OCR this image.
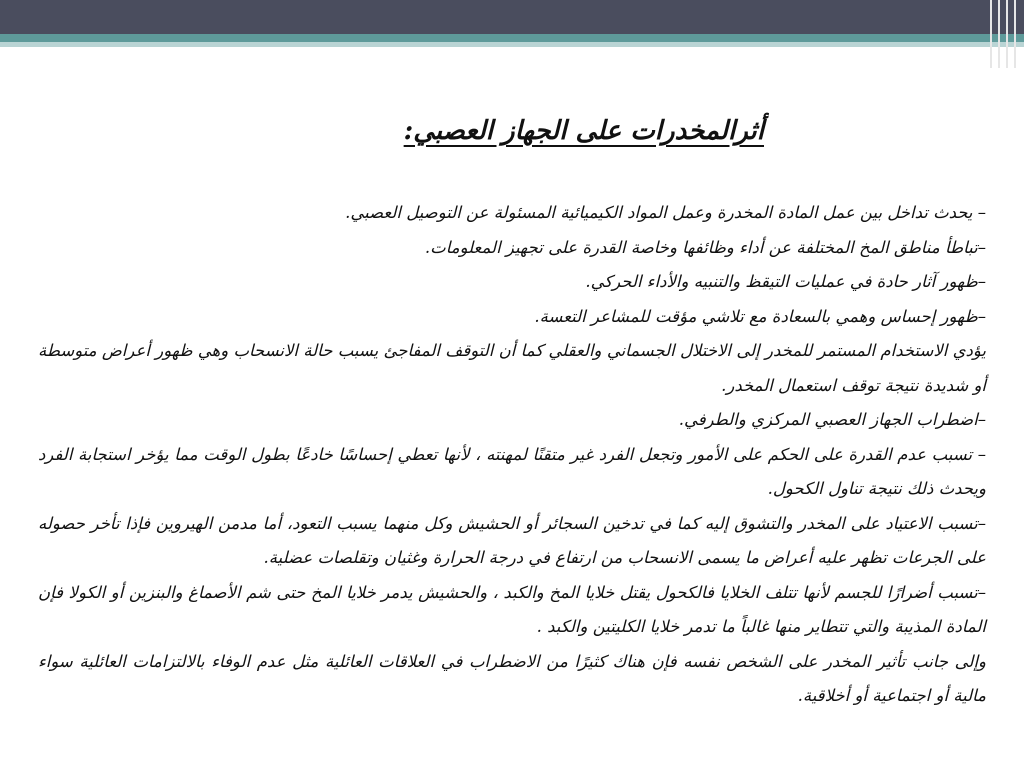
أثرالمخدرات على الجهاز العصبي:

– يحدث تداخل بين عمل المادة المخدرة وعمل المواد الكيميائية المسئولة عن التوصيل العصبي.

–تباطأ مناطق المخ المختلفة عن أداء وظائفها وخاصة القدرة على تجهيز المعلومات.

–ظهور آثار حادة في عمليات التيقظ والتنبيه والأداء الحركي.

–ظهور إحساس وهمي بالسعادة مع تلاشي مؤقت للمشاعر التعسة.

يؤدي الاستخدام المستمر للمخدر إلى الاختلال الجسماني والعقلي كما أن التوقف المفاجئ يسبب حالة الانسحاب وهي ظهور أعراض متوسطة أو شديدة نتيجة توقف استعمال المخدر.

–اضطراب الجهاز العصبي المركزي والطرفي.

– تسبب عدم القدرة على الحكم على الأمور وتجعل الفرد غير متقنًا لمهنته ، لأنها تعطي إحساسًا خادعًا بطول الوقت مما يؤخر استجابة الفرد ويحدث ذلك نتيجة تناول الكحول.

–تسبب الاعتياد على المخدر والتشوق إليه كما في تدخين السجائر أو الحشيش وكل منهما يسبب التعود، أما مدمن الهيروين فإذا تأخر حصوله على الجرعات تظهر عليه أعراض ما يسمى الانسحاب من ارتفاع في درجة الحرارة وغثيان وتقلصات عضلية.

–تسبب أضرارًا للجسم لأنها تتلف الخلايا فالكحول يقتل خلايا المخ والكبد ، والحشيش يدمر خلايا المخ حتى شم الأصماغ والبنزين أو الكولا فإن المادة المذيبة والتي تتطاير منها غالباً ما تدمر خلايا الكليتين والكبد .

وإلى جانب تأثير المخدر على الشخص نفسه فإن هناك كثيرًا من الاضطراب في العلاقات العائلية مثل عدم الوفاء بالالتزامات العائلية سواء مالية أو اجتماعية أو أخلاقية.
